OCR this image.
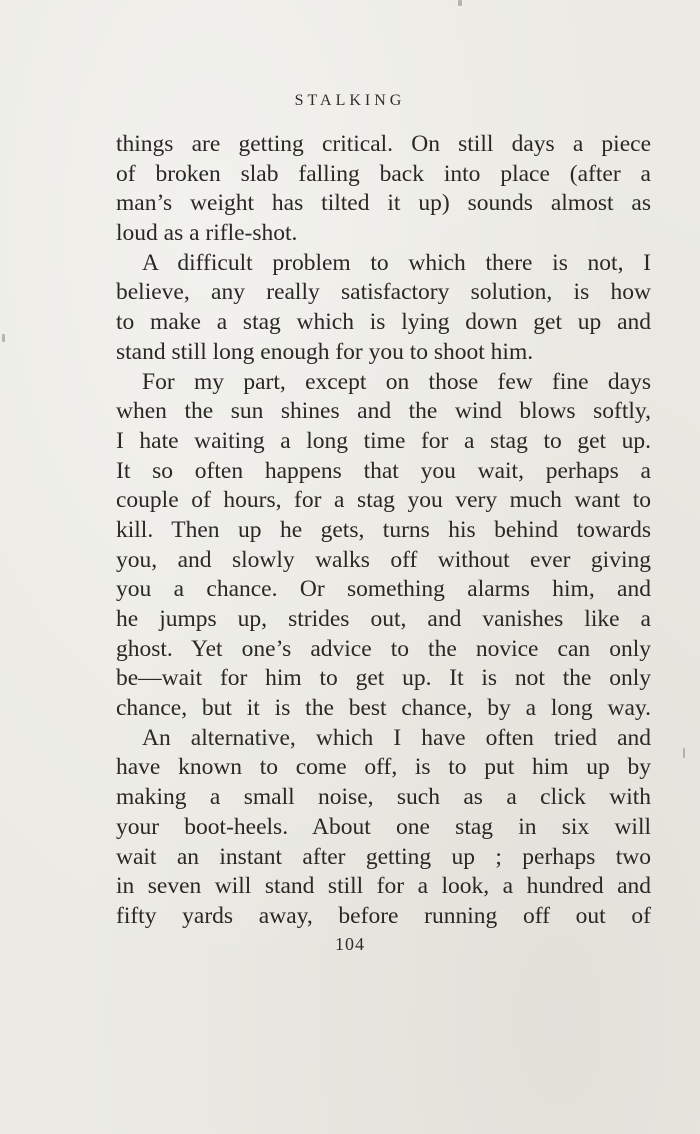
STALKING
things are getting critical. On still days a piece
of broken slab falling back into place (after a
man’s weight has tilted it up) sounds almost as
loud as a rifle-shot.
A difficult problem to which there is not, I
believe, any really satisfactory solution, is how
to make a stag which is lying down get up and
stand still long enough for you to shoot him.
For my part, except on those few fine days
when the sun shines and the wind blows softly,
I hate waiting a long time for a stag to get up.
It so often happens that you wait, perhaps a
couple of hours, for a stag you very much want to
kill. Then up he gets, turns his behind towards
you, and slowly walks off without ever giving
you a chance. Or something alarms him, and
he jumps up, strides out, and vanishes like a
ghost. Yet one’s advice to the novice can only
be—wait for him to get up. It is not the only
chance, but it is the best chance, by a long way.
An alternative, which I have often tried and
have known to come off, is to put him up by
making a small noise, such as a click with
your boot-heels. About one stag in six will
wait an instant after getting up ; perhaps two
in seven will stand still for a look, a hundred and
fifty yards away, before running off out of
104
